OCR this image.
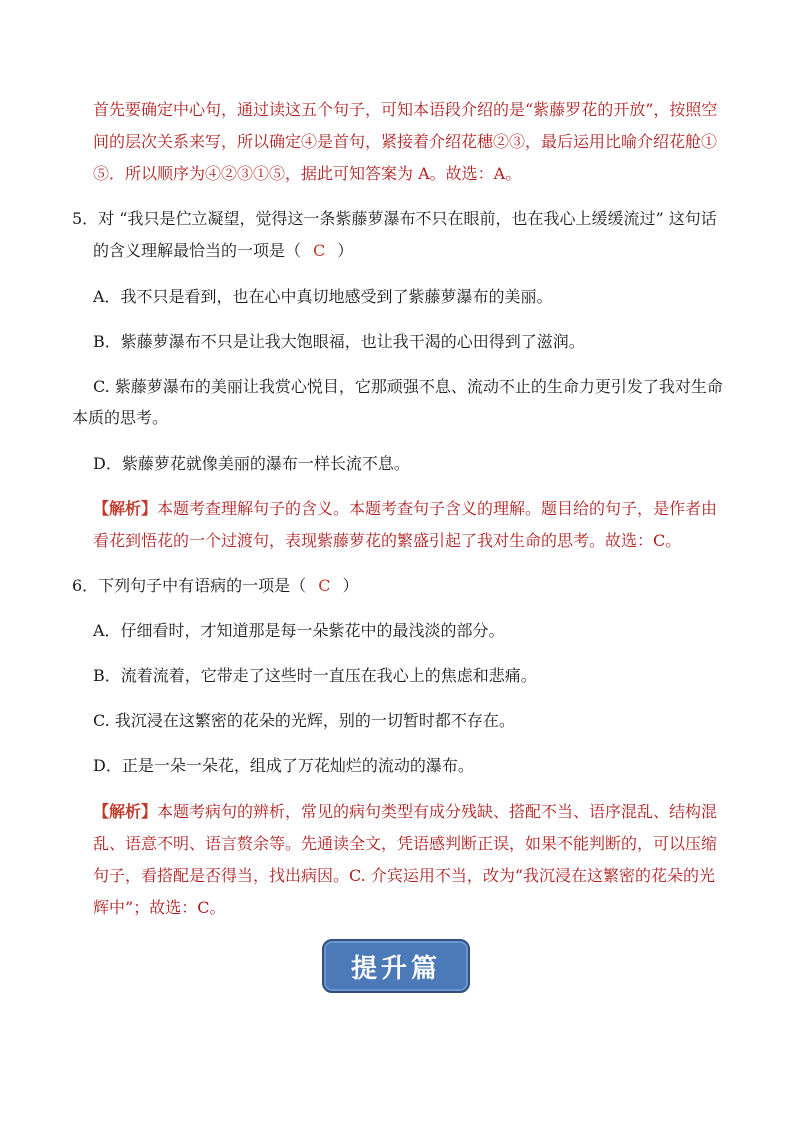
首先要确定中心句，通过读这五个句子，可知本语段介绍的是“紫藤罗花的开放”，按照空
间的层次关系来写，所以确定④是首句，紧接着介绍花穗②③，最后运用比喻介绍花舱①
⑤．所以顺序为④②③①⑤，据此可知答案为 A。故选：A。
5．对 “我只是伫立凝望，觉得这一条紫藤萝瀑布不只在眼前，也在我心上缓缓流过” 这句话
的含义理解最恰当的一项是（ C ）
A．我不只是看到，也在心中真切地感受到了紫藤萝瀑布的美丽。
B．紫藤萝瀑布不只是让我大饱眼福，也让我干渴的心田得到了滋润。
C. 紫藤萝瀑布的美丽让我赏心悦目，它那顽强不息、流动不止的生命力更引发了我对生命
本质的思考。
D．紫藤萝花就像美丽的瀑布一样长流不息。
【解析】本题考查理解句子的含义。本题考查句子含义的理解。题目给的句子，是作者由
看花到悟花的一个过渡句，表现紫藤萝花的繁盛引起了我对生命的思考。故选：C。
6．下列句子中有语病的一项是（ C ）
A．仔细看时，才知道那是每一朵紫花中的最浅淡的部分。
B．流着流着，它带走了这些时一直压在我心上的焦虑和悲痛。
C. 我沉浸在这繁密的花朵的光辉，别的一切暂时都不存在。
D．正是一朵一朵花，组成了万花灿烂的流动的瀑布。
【解析】本题考病句的辨析，常见的病句类型有成分残缺、搭配不当、语序混乱、结构混
乱、语意不明、语言赘余等。先通读全文，凭语感判断正误，如果不能判断的，可以压缩
句子，看搭配是否得当，找出病因。C. 介宾运用不当，改为“我沉浸在这繁密的花朵的光
辉中”；故选：C。
提升篇
